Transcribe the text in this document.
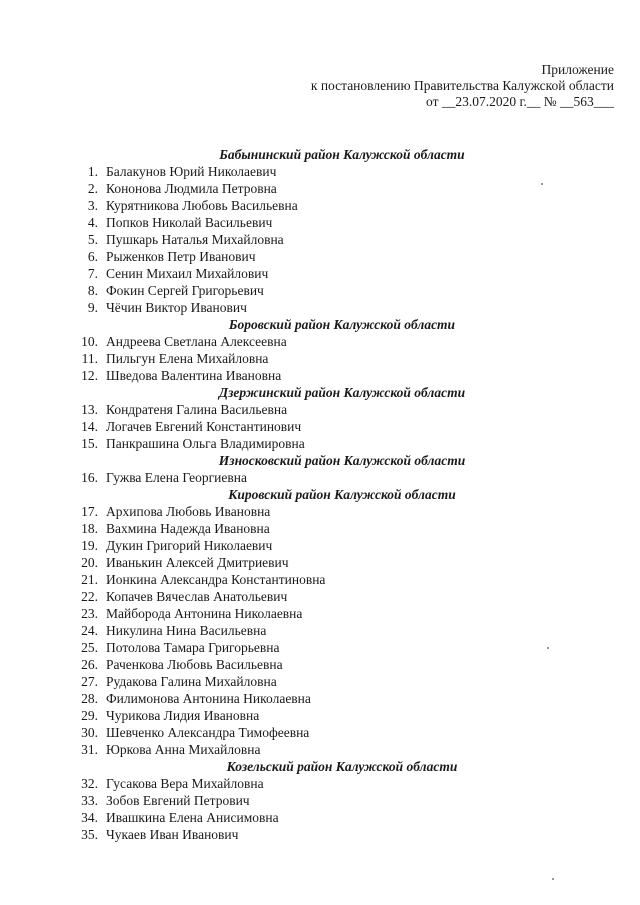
Приложение
к постановлению Правительства Калужской области
от __23.07.2020 г.__ № __563___
Бабынинский район Калужской области
1. Балакунов Юрий Николаевич
2. Кононова Людмила Петровна
3. Курятникова Любовь Васильевна
4. Попков Николай Васильевич
5. Пушкарь Наталья Михайловна
6. Рыженков Петр Иванович
7. Сенин Михаил Михайлович
8. Фокин Сергей Григорьевич
9. Чёчин Виктор Иванович
Боровский район Калужской области
10. Андреева Светлана Алексеевна
11. Пильгун Елена Михайловна
12. Шведова Валентина Ивановна
Дзержинский район Калужской области
13. Кондратеня Галина Васильевна
14. Логачев Евгений Константинович
15. Панкрашина Ольга Владимировна
Износковский район Калужской области
16. Гужва Елена Георгиевна
Кировский район Калужской области
17. Архипова Любовь Ивановна
18. Вахмина Надежда Ивановна
19. Дукин Григорий Николаевич
20. Иванькин Алексей Дмитриевич
21. Ионкина Александра Константиновна
22. Копачев Вячеслав Анатольевич
23. Майборода Антонина Николаевна
24. Никулина Нина Васильевна
25. Потолова Тамара Григорьевна
26. Раченкова Любовь Васильевна
27. Рудакова Галина Михайловна
28. Филимонова Антонина Николаевна
29. Чурикова Лидия Ивановна
30. Шевченко Александра Тимофеевна
31. Юркова Анна Михайловна
Козельский район Калужской области
32. Гусакова Вера Михайловна
33. Зобов Евгений Петрович
34. Ивашкина Елена Анисимовна
35. Чукаев Иван Иванович
